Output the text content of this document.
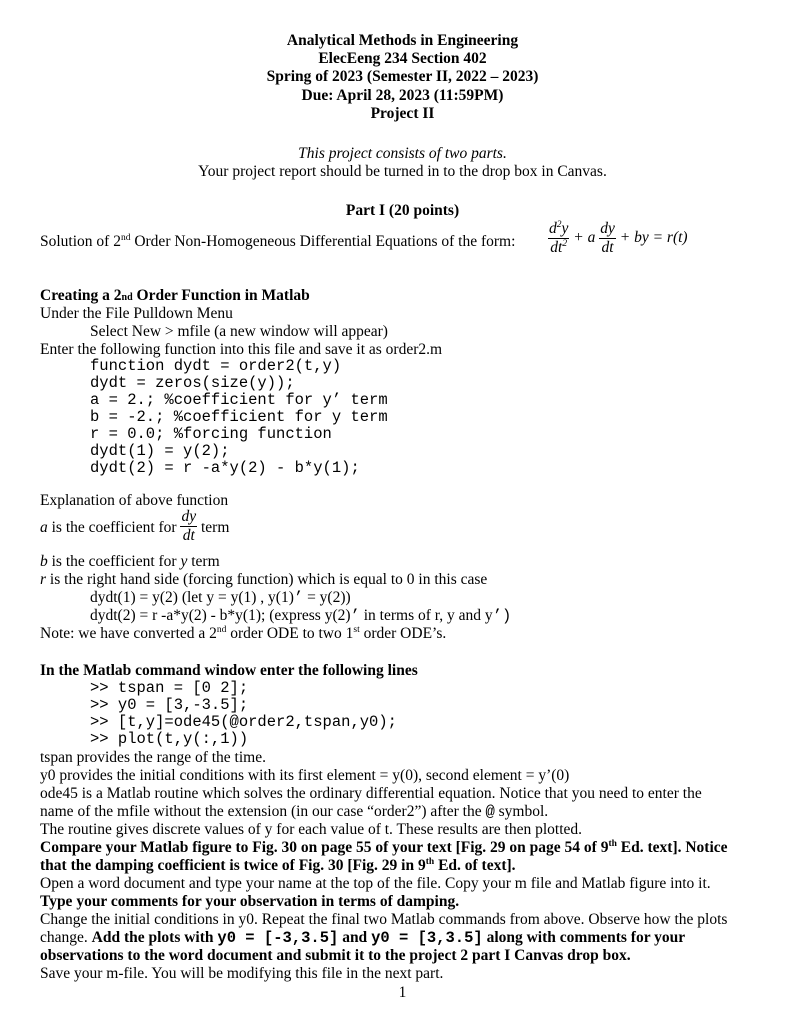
Analytical Methods in Engineering
ElecEeng 234 Section 402
Spring of 2023 (Semester II, 2022 – 2023)
Due: April 28, 2023 (11:59PM)
Project II
This project consists of two parts.
Your project report should be turned in to the drop box in Canvas.
Part I (20 points)
Solution of 2nd Order Non-Homogeneous Differential Equations of the form: $\frac{d^2y}{dt^2} + a \frac{dy}{dt}$ + by = r(t)
Creating a 2nd Order Function in Matlab
Under the File Pulldown Menu
Select New > mfile (a new window will appear)
Enter the following function into this file and save it as order2.m
function dydt = order2(t,y)
dydt = zeros(size(y));
a = 2.; %coefficient for y’ term
b = -2.; %coefficient for y term
r = 0.0; %forcing function
dydt(1) = y(2);
dydt(2) = r -a*y(2) - b*y(1);
Explanation of above function
a is the coefficient for $\frac{dy}{dt}$ term
b is the coefficient for y term
r is the right hand side (forcing function) which is equal to 0 in this case
dydt(1) = y(2) (let y = y(1) , y(1)’ = y(2))
dydt(2) = r -a*y(2) - b*y(1); (express y(2)’ in terms of r, y and y’)
Note: we have converted a 2nd order ODE to two 1st order ODE’s.
In the Matlab command window enter the following lines
>> tspan = [0 2];
>> y0 = [3,-3.5];
>> [t,y]=ode45(@order2,tspan,y0);
>> plot(t,y(:,1))
tspan provides the range of the time.
y0 provides the initial conditions with its first element = y(0), second element = y’(0)
ode45 is a Matlab routine which solves the ordinary differential equation. Notice that you need to enter the
name of the mfile without the extension (in our case “order2”) after the @ symbol.
The routine gives discrete values of y for each value of t. These results are then plotted.
Compare your Matlab figure to Fig. 30 on page 55 of your text [Fig. 29 on page 54 of 9th Ed. text]. Notice
that the damping coefficient is twice of Fig. 30 [Fig. 29 in 9th Ed. of text].
Open a word document and type your name at the top of the file. Copy your m file and Matlab figure into it.
Type your comments for your observation in terms of damping.
Change the initial conditions in y0. Repeat the final two Matlab commands from above. Observe how the plots
change. Add the plots with y0 = [-3,3.5] and y0 = [3,3.5] along with comments for your
observations to the word document and submit it to the project 2 part I Canvas drop box.
Save your m-file. You will be modifying this file in the next part.
1
